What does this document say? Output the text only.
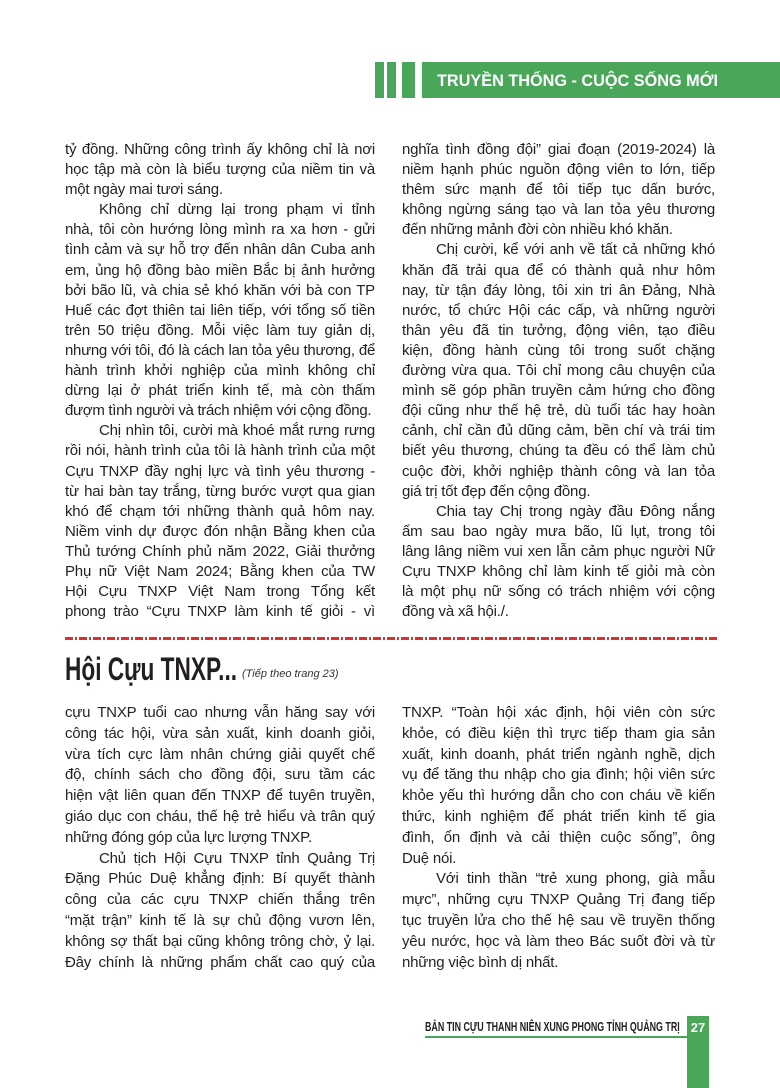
TRUYỀN THỐNG - CUỘC SỐNG MỚI
tỷ đồng. Những công trình ấy không chỉ là nơi
học tập mà còn là biểu tượng của niềm tin và
một ngày mai tươi sáng.
Không chỉ dừng lại trong phạm vi tỉnh
nhà, tôi còn hướng lòng mình ra xa hơn - gửi
tình cảm và sự hỗ trợ đến nhân dân Cuba anh
em, ủng hộ đồng bào miền Bắc bị ảnh hưởng
bởi bão lũ, và chia sẻ khó khăn với bà con TP
Huế các đợt thiên tai liên tiếp, với tổng số tiền
trên 50 triệu đồng. Mỗi việc làm tuy giản dị,
nhưng với tôi, đó là cách lan tỏa yêu thương, để
hành trình khởi nghiệp của mình không chỉ
dừng lại ở phát triển kinh tế, mà còn thấm
đượm tình người và trách nhiệm với cộng đồng.
Chị nhìn tôi, cười mà khoé mắt rưng rưng
rồi nói, hành trình của tôi là hành trình của một
Cựu TNXP đầy nghị lực và tình yêu thương -
từ hai bàn tay trắng, từng bước vượt qua gian
khó để chạm tới những thành quả hôm nay.
Niềm vinh dự được đón nhận Bằng khen của
Thủ tướng Chính phủ năm 2022, Giải thưởng
Phụ nữ Việt Nam 2024; Bằng khen của TW
Hội Cựu TNXP Việt Nam trong Tổng kết
phong trào “Cựu TNXP làm kinh tế giỏi - vì
nghĩa tình đồng đội” giai đoạn (2019-2024) là
niềm hạnh phúc nguồn động viên to lớn, tiếp
thêm sức mạnh để tôi tiếp tục dấn bước,
không ngừng sáng tạo và lan tỏa yêu thương
đến những mảnh đời còn nhiều khó khăn.
Chị cười, kể với anh về tất cả những khó
khăn đã trải qua để có thành quả như hôm
nay, từ tận đáy lòng, tôi xin tri ân Đảng, Nhà
nước, tổ chức Hội các cấp, và những người
thân yêu đã tin tưởng, động viên, tạo điều
kiện, đồng hành cùng tôi trong suốt chặng
đường vừa qua. Tôi chỉ mong câu chuyện của
mình sẽ góp phần truyền cảm hứng cho đồng
đội cũng như thế hệ trẻ, dù tuổi tác hay hoàn
cảnh, chỉ cần đủ dũng cảm, bền chí và trái tim
biết yêu thương, chúng ta đều có thể làm chủ
cuộc đời, khởi nghiệp thành công và lan tỏa
giá trị tốt đẹp đến cộng đồng.
Chia tay Chị trong ngày đầu Đông nắng
ấm sau bao ngày mưa bão, lũ lụt, trong tôi
lâng lâng niềm vui xen lẫn cảm phục người Nữ
Cựu TNXP không chỉ làm kinh tế giỏi mà còn
là một phụ nữ sống có trách nhiệm với cộng
đồng và xã hội./.
Hội Cựu TNXP... (Tiếp theo trang 23)
cựu TNXP tuổi cao nhưng vẫn hăng say với
công tác hội, vừa sản xuất, kinh doanh giỏi,
vừa tích cực làm nhân chứng giải quyết chế
độ, chính sách cho đồng đội, sưu tầm các
hiện vật liên quan đến TNXP để tuyên truyền,
giáo dục con cháu, thế hệ trẻ hiểu và trân quý
những đóng góp của lực lượng TNXP.
Chủ tịch Hội Cựu TNXP tỉnh Quảng Trị
Đặng Phúc Duệ khẳng định: Bí quyết thành
công của các cựu TNXP chiến thắng trên
“mặt trận” kinh tế là sự chủ động vươn lên,
không sợ thất bại cũng không trông chờ, ỷ lại.
Đây chính là những phẩm chất cao quý của
TNXP. “Toàn hội xác định, hội viên còn sức
khỏe, có điều kiện thì trực tiếp tham gia sản
xuất, kinh doanh, phát triển ngành nghề, dịch
vụ để tăng thu nhập cho gia đình; hội viên sức
khỏe yếu thì hướng dẫn cho con cháu về kiến
thức, kinh nghiệm để phát triển kinh tế gia
đình, ổn định và cải thiện cuộc sống”, ông
Duệ nói.
Với tinh thần “trẻ xung phong, già mẫu
mực”, những cựu TNXP Quảng Trị đang tiếp
tục truyền lửa cho thế hệ sau về truyền thống
yêu nước, học và làm theo Bác suốt đời và từ
những việc bình dị nhất.
BẢN TIN CỰU THANH NIÊN XUNG PHONG TỈNH QUẢNG TRỊ 27
